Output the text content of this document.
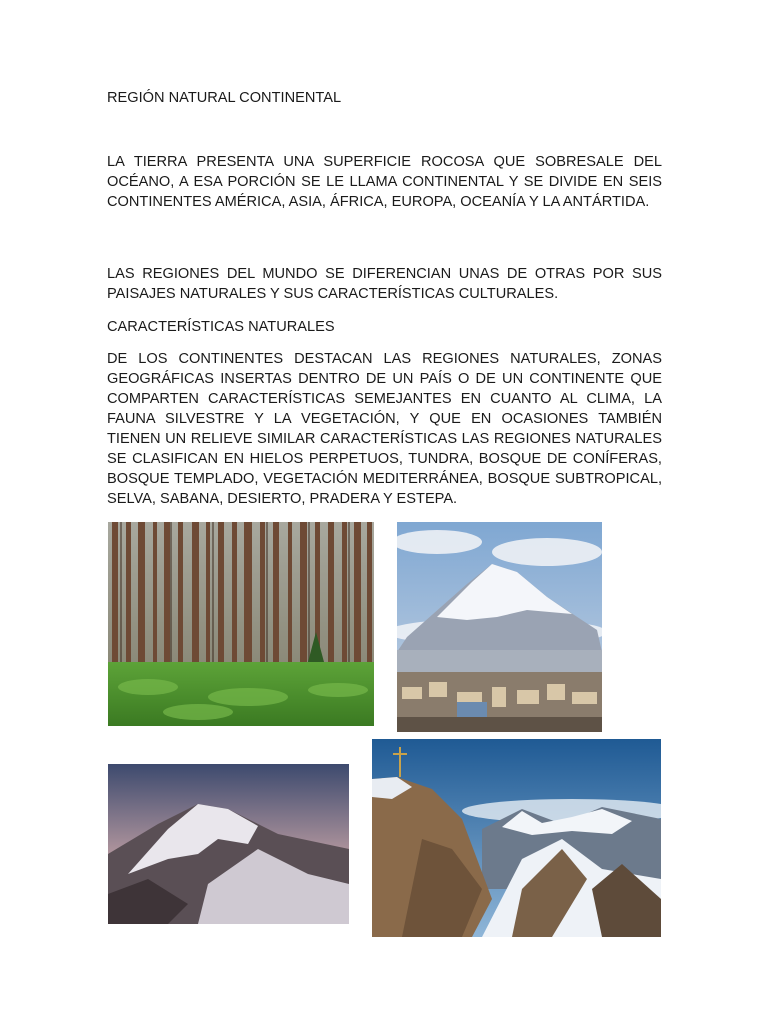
REGIÓN NATURAL CONTINENTAL

LA TIERRA PRESENTA UNA SUPERFICIE ROCOSA QUE SOBRESALE DEL OCÉANO, A ESA PORCIÓN SE LE LLAMA CONTINENTAL Y SE DIVIDE EN SEIS CONTINENTES AMÉRICA, ASIA, ÁFRICA, EUROPA, OCEANÍA Y LA ANTÁRTIDA.

LAS REGIONES DEL MUNDO SE DIFERENCIAN UNAS DE OTRAS POR SUS PAISAJES NATURALES Y SUS CARACTERÍSTICAS CULTURALES.

CARACTERÍSTICAS NATURALES

DE LOS CONTINENTES DESTACAN LAS REGIONES NATURALES, ZONAS GEOGRÁFICAS INSERTAS DENTRO DE UN PAÍS O DE UN CONTINENTE QUE COMPARTEN CARACTERÍSTICAS SEMEJANTES EN CUANTO AL CLIMA, LA FAUNA SILVESTRE Y LA VEGETACIÓN, Y QUE EN OCASIONES TAMBIÉN TIENEN UN RELIEVE SIMILAR CARACTERÍSTICAS LAS REGIONES NATURALES SE CLASIFICAN EN HIELOS PERPETUOS, TUNDRA, BOSQUE DE CONÍFERAS, BOSQUE TEMPLADO, VEGETACIÓN MEDITERRÁNEA, BOSQUE SUBTROPICAL, SELVA, SABANA, DESIERTO, PRADERA Y ESTEPA.
